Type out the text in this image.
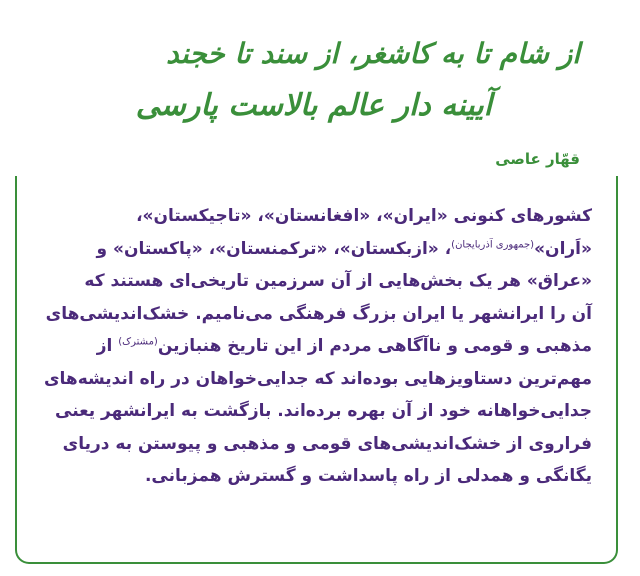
از شام تا به کاشغر، از سند تا خجند
آیینه دار عالم بالاست پارسی
قهّار عاصی
کشورهای کنونی «ایران»، «افغانستان»، «تاجیکستان»،
«اَران»$^{(جمهوری آذربایجان)}$، «ازبکستان»، «ترکمنستان»، «پاکستان» و
«عراق» هر یک بخش‌هایی از آن سرزمین تاریخی‌ای هستند که
آن را ایرانشهر یا ایران بزرگ فرهنگی می‌نامیم. خشک‌اندیشی‌های
مذهبی و قومی و ناآگاهی مردم از این تاریخ هنبازین$^{(مشترک)}$ از
مهم‌ترین دستاویزهایی بوده‌اند که جدایی‌خواهان در راه اندیشه‌های
جدایی‌خواهانه خود از آن بهره برده‌اند. بازگشت به ایرانشهر یعنی
فراروی از خشک‌اندیشی‌های قومی و مذهبی و پیوستن به دریای
یگانگی و همدلی از راه پاسداشت و گسترش همزبانی.
